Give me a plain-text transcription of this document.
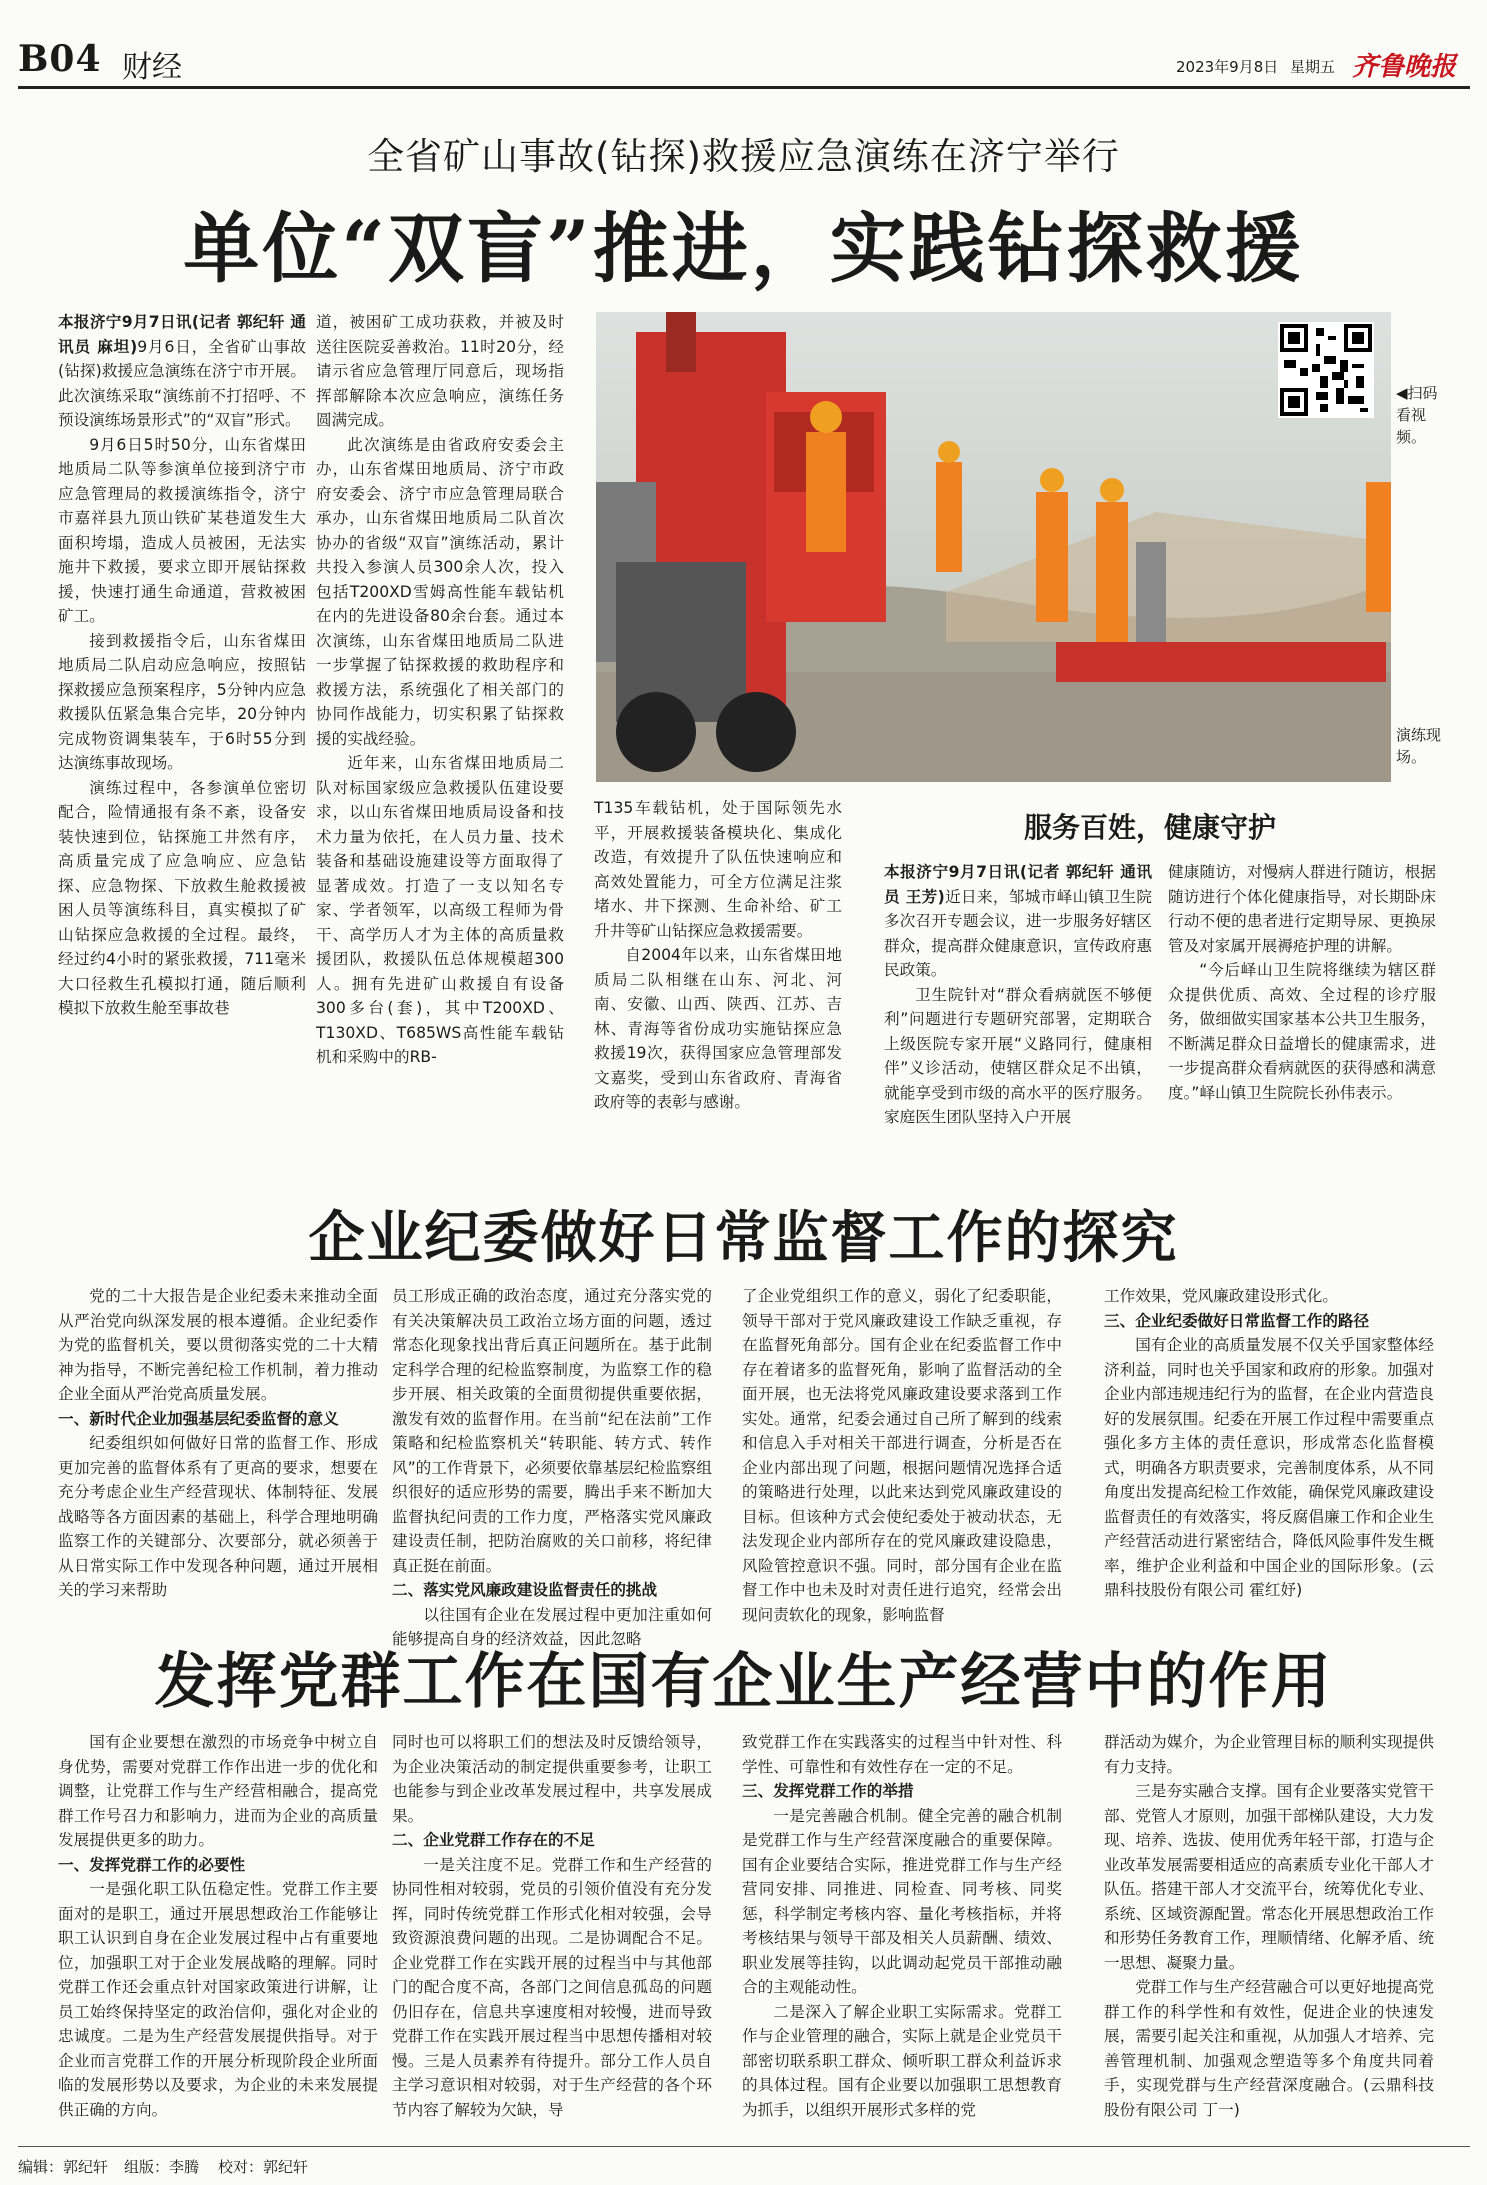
B04 财经	2023年9月8日 星期五 齐鲁晚报
全省矿山事故(钻探)救援应急演练在济宁举行
单位“双盲”推进，实践钻探救援

本报济宁9月7日讯(记者 郭纪轩 通讯员 麻坦)9月6日，全省矿山事故(钻探)救援应急演练在济宁市开展。此次演练采取“演练前不打招呼、不预设演练场景形式”的“双盲”形式。

9月6日5时50分，山东省煤田地质局二队等参演单位接到济宁市应急管理局的救援演练指令，济宁市嘉祥县九顶山铁矿某巷道发生大面积垮塌，造成人员被困，无法实施井下救援，要求立即开展钻探救援，快速打通生命通道，营救被困矿工。

接到救援指令后，山东省煤田地质局二队启动应急响应，按照钻探救援应急预案程序，5分钟内应急救援队伍紧急集合完毕，20分钟内完成物资调集装车，于6时55分到达演练事故现场。

演练过程中，各参演单位密切配合，险情通报有条不紊，设备安装快速到位，钻探施工井然有序，高质量完成了应急响应、应急钻探、应急物探、下放救生舱救援被困人员等演练科目，真实模拟了矿山钻探应急救援的全过程。最终，经过约4小时的紧张救援，711毫米大口径救生孔模拟打通，随后顺利模拟下放救生舱至事故巷

道，被困矿工成功获救，并被及时送往医院妥善救治。11时20分，经请示省应急管理厅同意后，现场指挥部解除本次应急响应，演练任务圆满完成。

此次演练是由省政府安委会主办，山东省煤田地质局、济宁市政府安委会、济宁市应急管理局联合承办，山东省煤田地质局二队首次协办的省级“双盲”演练活动，累计共投入参演人员300余人次，投入包括T200XD雪姆高性能车载钻机在内的先进设备80余台套。通过本次演练，山东省煤田地质局二队进一步掌握了钻探救援的救助程序和救援方法，系统强化了相关部门的协同作战能力，切实积累了钻探救援的实战经验。

近年来，山东省煤田地质局二队对标国家级应急救援队伍建设要求，以山东省煤田地质局设备和技术力量为依托，在人员力量、技术装备和基础设施建设等方面取得了显著成效。打造了一支以知名专家、学者领军，以高级工程师为骨干、高学历人才为主体的高质量救援团队，救援队伍总体规模超300人。拥有先进矿山救援自有设备300多台(套)，其中T200XD、T130XD、T685WS高性能车载钻机和采购中的RB-

◀扫码看视频。
演练现场。

T135车载钻机，处于国际领先水平，开展救援装备模块化、集成化改造，有效提升了队伍快速响应和高效处置能力，可全方位满足注浆堵水、井下探测、生命补给、矿工升井等矿山钻探应急救援需要。

自2004年以来，山东省煤田地质局二队相继在山东、河北、河南、安徽、山西、陕西、江苏、吉林、青海等省份成功实施钻探应急救援19次，获得国家应急管理部发文嘉奖，受到山东省政府、青海省政府等的表彰与感谢。

服务百姓，健康守护

本报济宁9月7日讯(记者 郭纪轩 通讯员 王芳)近日来，邹城市峄山镇卫生院多次召开专题会议，进一步服务好辖区群众，提高群众健康意识，宣传政府惠民政策。

卫生院针对“群众看病就医不够便利”问题进行专题研究部署，定期联合上级医院专家开展“义路同行，健康相伴”义诊活动，使辖区群众足不出镇，就能享受到市级的高水平的医疗服务。家庭医生团队坚持入户开展

健康随访，对慢病人群进行随访，根据随访进行个体化健康指导，对长期卧床行动不便的患者进行定期导尿、更换尿管及对家属开展褥疮护理的讲解。

“今后峄山卫生院将继续为辖区群众提供优质、高效、全过程的诊疗服务，做细做实国家基本公共卫生服务，不断满足群众日益增长的健康需求，进一步提高群众看病就医的获得感和满意度。”峄山镇卫生院院长孙伟表示。

企业纪委做好日常监督工作的探究

党的二十大报告是企业纪委未来推动全面从严治党向纵深发展的根本遵循。企业纪委作为党的监督机关，要以贯彻落实党的二十大精神为指导，不断完善纪检工作机制，着力推动企业全面从严治党高质量发展。

一、新时代企业加强基层纪委监督的意义

纪委组织如何做好日常的监督工作、形成更加完善的监督体系有了更高的要求，想要在充分考虑企业生产经营现状、体制特征、发展战略等各方面因素的基础上，科学合理地明确监察工作的关键部分、次要部分，就必须善于从日常实际工作中发现各种问题，通过开展相关的学习来帮助

员工形成正确的政治态度，通过充分落实党的有关决策解决员工政治立场方面的问题，透过常态化现象找出背后真正问题所在。基于此制定科学合理的纪检监察制度，为监察工作的稳步开展、相关政策的全面贯彻提供重要依据，激发有效的监督作用。在当前“纪在法前”工作策略和纪检监察机关“转职能、转方式、转作风”的工作背景下，必须要依靠基层纪检监察组织很好的适应形势的需要，腾出手来不断加大监督执纪问责的工作力度，严格落实党风廉政建设责任制，把防治腐败的关口前移，将纪律真正挺在前面。

二、落实党风廉政建设监督责任的挑战

以往国有企业在发展过程中更加注重如何能够提高自身的经济效益，因此忽略

了企业党组织工作的意义，弱化了纪委职能，领导干部对于党风廉政建设工作缺乏重视，存在监督死角部分。国有企业在纪委监督工作中存在着诸多的监督死角，影响了监督活动的全面开展，也无法将党风廉政建设要求落到工作实处。通常，纪委会通过自己所了解到的线索和信息入手对相关干部进行调查，分析是否在企业内部出现了问题，根据问题情况选择合适的策略进行处理，以此来达到党风廉政建设的目标。但该种方式会使纪委处于被动状态，无法发现企业内部所存在的党风廉政建设隐患，风险管控意识不强。同时，部分国有企业在监督工作中也未及时对责任进行追究，经常会出现问责软化的现象，影响监督

工作效果，党风廉政建设形式化。

三、企业纪委做好日常监督工作的路径

国有企业的高质量发展不仅关乎国家整体经济利益，同时也关乎国家和政府的形象。加强对企业内部违规违纪行为的监督，在企业内营造良好的发展氛围。纪委在开展工作过程中需要重点强化多方主体的责任意识，形成常态化监督模式，明确各方职责要求，完善制度体系，从不同角度出发提高纪检工作效能，确保党风廉政建设监督责任的有效落实，将反腐倡廉工作和企业生产经营活动进行紧密结合，降低风险事件发生概率，维护企业利益和中国企业的国际形象。(云鼎科技股份有限公司 霍红妤)

发挥党群工作在国有企业生产经营中的作用

国有企业要想在激烈的市场竞争中树立自身优势，需要对党群工作作出进一步的优化和调整，让党群工作与生产经营相融合，提高党群工作号召力和影响力，进而为企业的高质量发展提供更多的助力。

一、发挥党群工作的必要性

一是强化职工队伍稳定性。党群工作主要面对的是职工，通过开展思想政治工作能够让职工认识到自身在企业发展过程中占有重要地位，加强职工对于企业发展战略的理解。同时党群工作还会重点针对国家政策进行讲解，让员工始终保持坚定的政治信仰，强化对企业的忠诚度。二是为生产经营发展提供指导。对于企业而言党群工作的开展分析现阶段企业所面临的发展形势以及要求，为企业的未来发展提供正确的方向。

同时也可以将职工们的想法及时反馈给领导，为企业决策活动的制定提供重要参考，让职工也能参与到企业改革发展过程中，共享发展成果。

二、企业党群工作存在的不足

一是关注度不足。党群工作和生产经营的协同性相对较弱，党员的引领价值没有充分发挥，同时传统党群工作形式化相对较强，会导致资源浪费问题的出现。二是协调配合不足。企业党群工作在实践开展的过程当中与其他部门的配合度不高，各部门之间信息孤岛的问题仍旧存在，信息共享速度相对较慢，进而导致党群工作在实践开展过程当中思想传播相对较慢。三是人员素养有待提升。部分工作人员自主学习意识相对较弱，对于生产经营的各个环节内容了解较为欠缺，导

致党群工作在实践落实的过程当中针对性、科学性、可靠性和有效性存在一定的不足。

三、发挥党群工作的举措

一是完善融合机制。健全完善的融合机制是党群工作与生产经营深度融合的重要保障。国有企业要结合实际，推进党群工作与生产经营同安排、同推进、同检查、同考核、同奖惩，科学制定考核内容、量化考核指标，并将考核结果与领导干部及相关人员薪酬、绩效、职业发展等挂钩，以此调动起党员干部推动融合的主观能动性。

二是深入了解企业职工实际需求。党群工作与企业管理的融合，实际上就是企业党员干部密切联系职工群众、倾听职工群众利益诉求的具体过程。国有企业要以加强职工思想教育为抓手，以组织开展形式多样的党

群活动为媒介，为企业管理目标的顺利实现提供有力支持。

三是夯实融合支撑。国有企业要落实党管干部、党管人才原则，加强干部梯队建设，大力发现、培养、选拔、使用优秀年轻干部，打造与企业改革发展需要相适应的高素质专业化干部人才队伍。搭建干部人才交流平台，统筹优化专业、系统、区域资源配置。常态化开展思想政治工作和形势任务教育工作，理顺情绪、化解矛盾、统一思想、凝聚力量。

党群工作与生产经营融合可以更好地提高党群工作的科学性和有效性，促进企业的快速发展，需要引起关注和重视，从加强人才培养、完善管理机制、加强观念塑造等多个角度共同着手，实现党群与生产经营深度融合。(云鼎科技股份有限公司 丁一)

编辑：郭纪轩 组版：李腾 校对：郭纪轩
